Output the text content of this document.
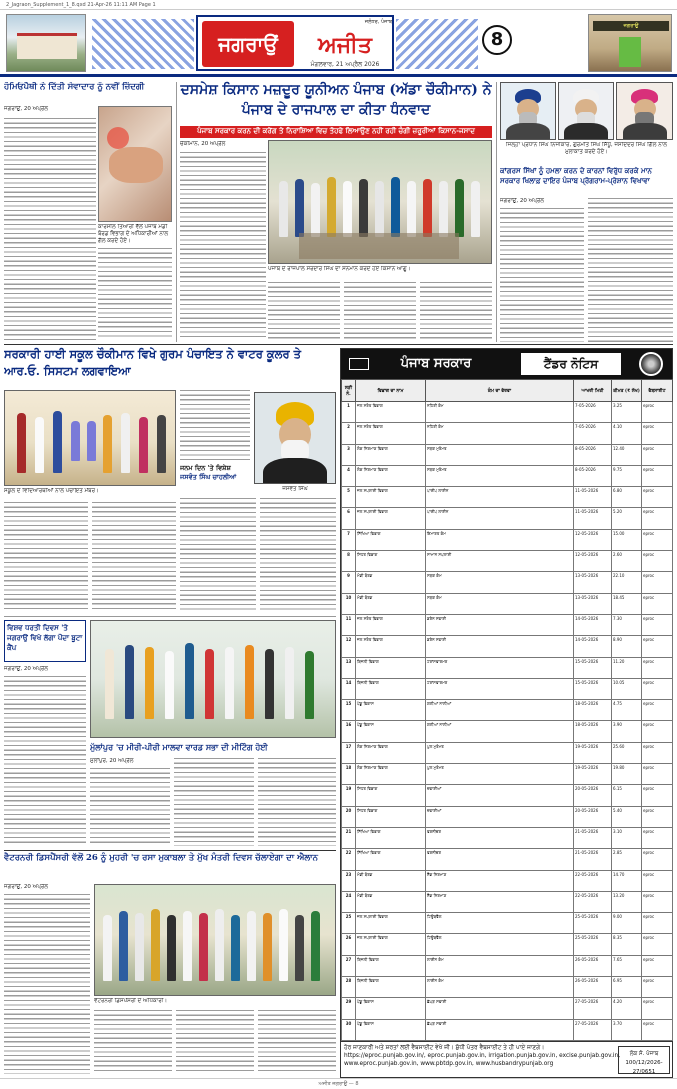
2_Jagraon_Supplement_1_8.qxd 21-Apr-26 11:11 AM Page 1
ਜਗਰਾਉਂ
ਜਲੰਧਰ, ਪੰਜਾਬ
ਅਜੀਤ
ਮੰਗਲਵਾਰ, 21 ਅਪ੍ਰੈਲ 2026
8
ਜਗਰਾਉਂ
ਹੋਮਿਓਪੈਥੀ ਨੇ ਦਿੱਤੀ ਸੇਵਾਦਾਰ ਨੂੰ ਨਵੀਂ ਜ਼ਿੰਦਗੀ
ਜਗਰਾਉਂ, 20 ਅਪ੍ਰੈਲ
ਕਾਰਸੀਲ ਤਿਆਰੀ ਵੱਲੋਂ ਪੰਜਾਬ ਮੰਡੀ ਬੋਰਡ ਵਿਭਾਗ ਦੇ ਅਧਿਕਾਰੀਆਂ ਨਾਲ ਗੱਲ ਕਰਦੇ ਹੋਏ।
ਦਸਮੇਸ਼ ਕਿਸਾਨ ਮਜ਼ਦੂਰ ਯੂਨੀਅਨ ਪੰਜਾਬ (ਅੱਡਾ ਚੌਕੀਮਾਨ) ਨੇ ਪੰਜਾਬ ਦੇ ਰਾਜਪਾਲ ਦਾ ਕੀਤਾ ਧੰਨਵਾਦ
ਪੰਜਾਬ ਸਰਕਾਰ ਕਰਨ ਦੀ ਕਰੇਂਗ ਤੇ ਨਿਰਾਸ਼ਿਆ ਵਿਚ ਤੋਹਫੇ ਲਿਆਉਣ ਨਹੀਂ ਰਹੀ ਚੰਗੀ ਜ਼ਰੂਰੀਆਂ ਕਿਸਾਨ-ਜਸਾਦ
ਚੌਕੀਮਾਨ, 20 ਅਪ੍ਰੈਲ
ਪੰਜਾਬ ਦੇ ਰਾਜਪਾਲ ਸਰਦਾਰ ਸਿੰਘ ਦਾ ਸਨਮਾਨ ਕਰਦੇ ਹੋਏ ਕਿਸਾਨ ਆਗੂ।
ਜਿਲ੍ਹਾ ਪ੍ਰਧਾਨ ਸਿੰਘ ਨਿਜੀਕਾਰ, ਗੁਰਮੀਤ ਸਿੰਘ ਸਿੱਧੂ, ਜਸਦਿੰਦਰ ਸਿੰਘ ਗਿੱਲ ਨਾਲ ਮੁਲਾਕਾਤ ਕਰਦੇ ਹੋਏ।
ਕਾਂਗਰਸ ਸਿੱਖਾਂ ਨੂੰ ਹਮਲਾ ਕਰਨ ਦੇ ਕਾਰਨਾਂ ਵਿਰੁੱਧ ਕਰਕੇ ਮਾਨ ਸਰਕਾਰ ਖਿਲਾਫ਼ ਦਾਇਰ ਪੰਜਾਬ ਪ੍ਰੋਗਰਾਮ-ਪ੍ਰੇਸ਼ਾਨ ਵਿਖਾਵਾ
ਜਗਰਾਉਂ, 20 ਅਪ੍ਰੈਲ
ਸਰਕਾਰੀ ਹਾਈ ਸਕੂਲ ਚੌਕੀਮਾਨ ਵਿਖੇ ਗੁਰਮ ਪੰਚਾਇਤ ਨੇ ਵਾਟਰ ਕੂਲਰ ਤੇ ਆਰ.ਓ. ਸਿਸਟਮ ਲਗਵਾਇਆ
ਸਕੂਲ ਦੇ ਵਿਦਿਆਰਥੀਆਂ ਨਾਲ ਪੰਚਾਇਤ ਮੈਂਬਰ।	ਜਸਵੰਤ ਸਿੰਘ
ਜਨਮ ਦਿਨ 'ਤੇ ਵਿਸ਼ੇਸ਼
ਜਸਵੰਤ ਸਿੰਘ ਚਾਹਲੀਆਂ
ਵਿਸ਼ਵ ਧਰਤੀ ਦਿਵਸ 'ਤੇ ਜਗਰਾਉਂ ਵਿਖੇ ਲੱਗਾ ਪੌਦਾ ਬੂਟਾ ਕੈਂਪ
ਜਗਰਾਉਂ, 20 ਅਪ੍ਰੈਲ
ਮੁੱਲਾਂਪੁਰ 'ਚ ਮੀਰੀ-ਪੀਰੀ ਮਾਲਵਾ ਵਾਰਡ ਸਭਾ ਦੀ ਮੀਟਿੰਗ ਹੋਈ
ਮੁੱਲਾਂਪੁਰ, 20 ਅਪ੍ਰੈਲ
ਵੈਟਰਨਰੀ ਡਿਸਪੈਂਸਰੀ ਵੱਲੋਂ 26 ਨੂੰ ਮੁਹਰੀ 'ਚ ਰਸਾ ਮੁਕਾਬਲਾ ਤੇ ਮੁੱਖ ਮੰਤਰੀ ਦਿਵਸ ਚੱਲਾਏਗਾ ਦਾ ਐਲਾਨ
ਜਗਰਾਉਂ, 20 ਅਪ੍ਰੈਲ
ਵੈਟਰਨਰੀ ਡਿਸਪੈਂਸਰੀ ਦੇ ਅਧਿਕਾਰੀ।
ਪੰਜਾਬ ਸਰਕਾਰ	ਟੈਂਡਰ ਨੋਟਿਸ
ਲੜੀ ਨੰ.	ਵਿਭਾਗ ਦਾ ਨਾਮ	ਕੰਮ ਦਾ ਵੇਰਵਾ	ਆਖਰੀ ਮਿਤੀ	ਕੀਮਤ (₹ ਲੱਖ)	ਵੈਬਸਾਈਟ
1	ਜਲ ਸਰੋਤ ਵਿਭਾਗ	ਨਹਿਰੀ ਕੰਮ	7-05-2026	3.25	eproc
2	ਜਲ ਸਰੋਤ ਵਿਭਾਗ	ਨਹਿਰੀ ਕੰਮ	7-05-2026	4.10	eproc
3	ਲੋਕ ਨਿਰਮਾਣ ਵਿਭਾਗ	ਸੜਕ ਮੁਰੰਮਤ	8-05-2026	12.40	eproc
4	ਲੋਕ ਨਿਰਮਾਣ ਵਿਭਾਗ	ਸੜਕ ਮੁਰੰਮਤ	8-05-2026	9.75	eproc
5	ਜਲ ਸਪਲਾਈ ਵਿਭਾਗ	ਪਾਈਪ ਲਾਈਨ	11-05-2026	6.80	eproc
6	ਜਲ ਸਪਲਾਈ ਵਿਭਾਗ	ਪਾਈਪ ਲਾਈਨ	11-05-2026	5.20	eproc
7	ਸਿੱਖਿਆ ਵਿਭਾਗ	ਇਮਾਰਤ ਕੰਮ	12-05-2026	15.00	eproc
8	ਸਿਹਤ ਵਿਭਾਗ	ਸਾਮਾਨ ਸਪਲਾਈ	12-05-2026	2.60	eproc
9	ਮੰਡੀ ਬੋਰਡ	ਸੜਕ ਕੰਮ	13-05-2026	22.10	eproc
10	ਮੰਡੀ ਬੋਰਡ	ਸੜਕ ਕੰਮ	13-05-2026	18.45	eproc
11	ਜਲ ਸਰੋਤ ਵਿਭਾਗ	ਡਰੇਨ ਸਫਾਈ	14-05-2026	7.30	eproc
12	ਜਲ ਸਰੋਤ ਵਿਭਾਗ	ਡਰੇਨ ਸਫਾਈ	14-05-2026	8.90	eproc
13	ਬਿਜਲੀ ਵਿਭਾਗ	ਟਰਾਂਸਫਾਰਮਰ	15-05-2026	11.20	eproc
14	ਬਿਜਲੀ ਵਿਭਾਗ	ਟਰਾਂਸਫਾਰਮਰ	15-05-2026	10.05	eproc
15	ਪੇਂਡੂ ਵਿਕਾਸ	ਗਲੀਆਂ ਨਾਲੀਆਂ	18-05-2026	4.75	eproc
16	ਪੇਂਡੂ ਵਿਕਾਸ	ਗਲੀਆਂ ਨਾਲੀਆਂ	18-05-2026	3.90	eproc
17	ਲੋਕ ਨਿਰਮਾਣ ਵਿਭਾਗ	ਪੁਲ ਮੁਰੰਮਤ	19-05-2026	25.60	eproc
18	ਲੋਕ ਨਿਰਮਾਣ ਵਿਭਾਗ	ਪੁਲ ਮੁਰੰਮਤ	19-05-2026	19.80	eproc
19	ਸਿਹਤ ਵਿਭਾਗ	ਦਵਾਈਆਂ	20-05-2026	6.15	eproc
20	ਸਿਹਤ ਵਿਭਾਗ	ਦਵਾਈਆਂ	20-05-2026	5.40	eproc
21	ਸਿੱਖਿਆ ਵਿਭਾਗ	ਫਰਨੀਚਰ	21-05-2026	3.10	eproc
22	ਸਿੱਖਿਆ ਵਿਭਾਗ	ਫਰਨੀਚਰ	21-05-2026	2.85	eproc
23	ਮੰਡੀ ਬੋਰਡ	ਸ਼ੈੱਡ ਨਿਰਮਾਣ	22-05-2026	14.70	eproc
24	ਮੰਡੀ ਬੋਰਡ	ਸ਼ੈੱਡ ਨਿਰਮਾਣ	22-05-2026	13.20	eproc
25	ਜਲ ਸਪਲਾਈ ਵਿਭਾਗ	ਟਿਊਬਵੈੱਲ	25-05-2026	9.00	eproc
26	ਜਲ ਸਪਲਾਈ ਵਿਭਾਗ	ਟਿਊਬਵੈੱਲ	25-05-2026	8.35	eproc
27	ਬਿਜਲੀ ਵਿਭਾਗ	ਲਾਈਨ ਕੰਮ	26-05-2026	7.65	eproc
28	ਬਿਜਲੀ ਵਿਭਾਗ	ਲਾਈਨ ਕੰਮ	26-05-2026	6.95	eproc
29	ਪੇਂਡੂ ਵਿਕਾਸ	ਛੱਪੜ ਸਫਾਈ	27-05-2026	4.20	eproc
30	ਪੇਂਡੂ ਵਿਕਾਸ	ਛੱਪੜ ਸਫਾਈ	27-05-2026	3.70	eproc
ਹੋਰ ਜਾਣਕਾਰੀ ਅਤੇ ਸ਼ਰਤਾਂ ਲਈ ਵੈਬਸਾਈਟ ਵੇਖੋ ਜੀ। ਸ਼ੁੱਧੀ ਪੱਤਰ ਵੈਬਸਾਈਟ ਤੇ ਹੀ ਪਾਏ ਜਾਣਗੇ।
https://eproc.punjab.gov.in/, eproc.punjab.gov.in, irrigation.punjab.gov.in, excise.punjab.gov.in,
www.eproc.punjab.gov.in, www.pbtdp.gov.in, www.husbandrypunjab.org
ਲੋਕ ਸੰ. ਪੰਜਾਬ
100/12/2026-27/0651
ਅਜੀਤ ਜਗਰਾਉਂ — 8
